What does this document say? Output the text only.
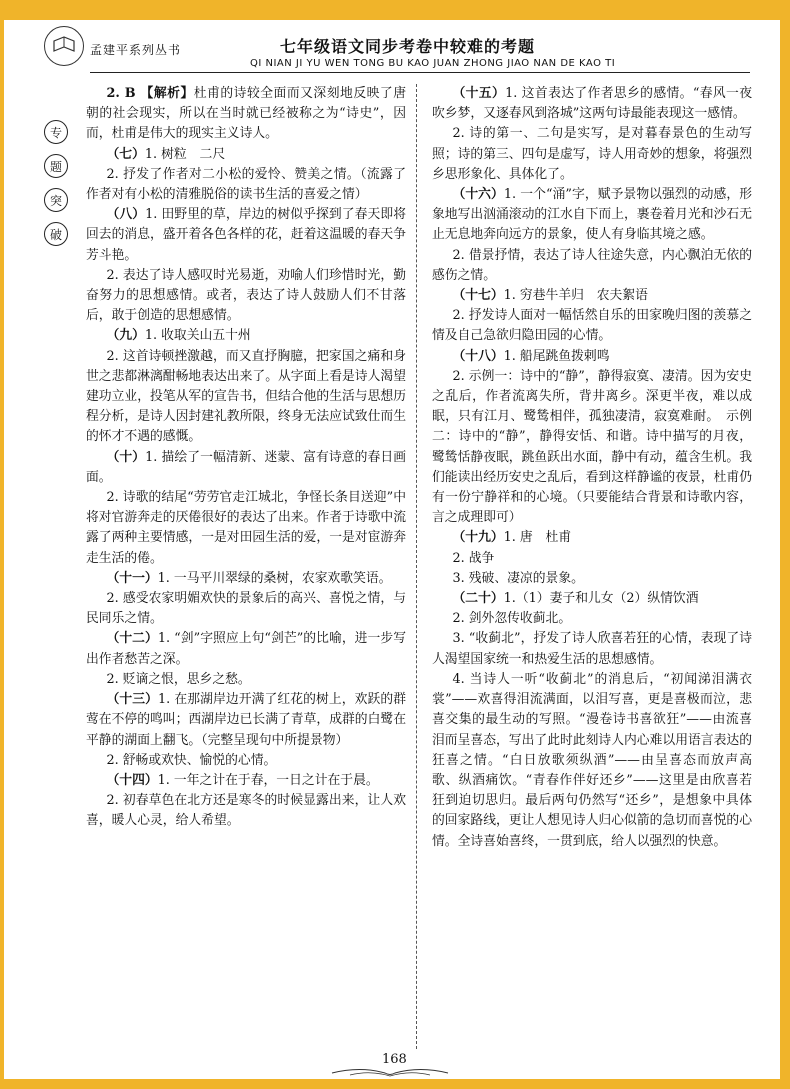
孟建平系列丛书	七年级语文同步考卷中较难的考题
QI NIAN JI YU WEN TONG BU KAO JUAN ZHONG JIAO NAN DE KAO TI
专
题
突
破

2. B 【解析】杜甫的诗较全面而又深刻地反映了唐朝的社会现实，所以在当时就已经被称之为“诗史”，因而，杜甫是伟大的现实主义诗人。

（七）1. 树粒　二尺

2. 抒发了作者对二小松的爱怜、赞美之情。（流露了作者对有小松的清雅脱俗的读书生活的喜爱之情）

（八）1. 田野里的草，岸边的树似乎探到了春天即将回去的消息，盛开着各色各样的花，赶着这温暖的春天争芳斗艳。

2. 表达了诗人感叹时光易逝，劝喻人们珍惜时光，勤奋努力的思想感情。或者，表达了诗人鼓励人们不甘落后，敢于创造的思想感情。

（九）1. 收取关山五十州

2. 这首诗顿挫激越，而又直抒胸臆，把家国之痛和身世之悲都淋漓酣畅地表达出来了。从字面上看是诗人渴望建功立业，投笔从军的宣告书，但结合他的生活与思想历程分析，是诗人因封建礼教所限，终身无法应试致仕而生的怀才不遇的感慨。

（十）1. 描绘了一幅清新、迷蒙、富有诗意的春日画面。

2. 诗歌的结尾“劳劳官走江城北，争怪长条目送迎”中将对官游奔走的厌倦很好的表达了出来。作者于诗歌中流露了两种主要情感，一是对田园生活的爱，一是对宦游奔走生活的倦。

（十一）1. 一马平川翠绿的桑树，农家欢歌笑语。

2. 感受农家明媚欢快的景象后的高兴、喜悦之情，与民同乐之情。

（十二）1. “剑”字照应上句“剑芒”的比喻，进一步写出作者愁苦之深。

2. 贬谪之恨，思乡之愁。

（十三）1. 在那湖岸边开满了红花的树上，欢跃的群莺在不停的鸣叫；西湖岸边已长满了青草，成群的白鹭在平静的湖面上翻飞。（完整呈现句中所提景物）

2. 舒畅或欢快、愉悦的心情。

（十四）1. 一年之计在于春，一日之计在于晨。

2. 初春草色在北方还是寒冬的时候显露出来，让人欢喜，暖人心灵，给人希望。

（十五）1. 这首表达了作者思乡的感情。“春风一夜吹乡梦，又逐春风到洛城”这两句诗最能表现这一感情。

2. 诗的第一、二句是实写，是对暮春景色的生动写照；诗的第三、四句是虚写，诗人用奇妙的想象，将强烈乡思形象化、具体化了。

（十六）1. 一个“涌”字，赋予景物以强烈的动感，形象地写出汹涌滚动的江水自下而上，裹卷着月光和沙石无止无息地奔向远方的景象，使人有身临其境之感。

2. 借景抒情，表达了诗人往途失意，内心飘泊无依的感伤之情。

（十七）1. 穷巷牛羊归　农夫絮语

2. 抒发诗人面对一幅恬然自乐的田家晚归图的羡慕之情及自己急欲归隐田园的心情。

（十八）1. 船尾跳鱼拨剌鸣

2. 示例一：诗中的“静”，静得寂寞、凄清。因为安史之乱后，作者流离失所，背井离乡。深更半夜，难以成眠，只有江月、鹭鸶相伴，孤独凄清，寂寞难耐。　示例二：诗中的“静”，静得安恬、和谐。诗中描写的月夜，鹭鸶恬静夜眠，跳鱼跃出水面，静中有动，蕴含生机。我们能读出经历安史之乱后，看到这样静谧的夜景，杜甫仍有一份宁静祥和的心境。（只要能结合背景和诗歌内容，言之成理即可）

（十九）1. 唐　杜甫

2. 战争

3. 残破、凄凉的景象。

（二十）1.（1）妻子和儿女（2）纵情饮酒

2. 剑外忽传收蓟北。

3. “收蓟北”，抒发了诗人欣喜若狂的心情，表现了诗人渴望国家统一和热爱生活的思想感情。

4. 当诗人一听“收蓟北”的消息后，“初闻涕泪满衣裳”——欢喜得泪流满面，以泪写喜，更是喜极而泣，悲喜交集的最生动的写照。“漫卷诗书喜欲狂”——由流喜泪而呈喜态，写出了此时此刻诗人内心难以用语言表达的狂喜之情。“白日放歌须纵酒”——由呈喜态而放声高歌、纵酒痛饮。“青春作伴好还乡”——这里是由欣喜若狂到迫切思归。最后两句仍然写“还乡”，是想象中具体的回家路线，更让人想见诗人归心似箭的急切而喜悦的心情。全诗喜始喜终，一贯到底，给人以强烈的快意。

168
